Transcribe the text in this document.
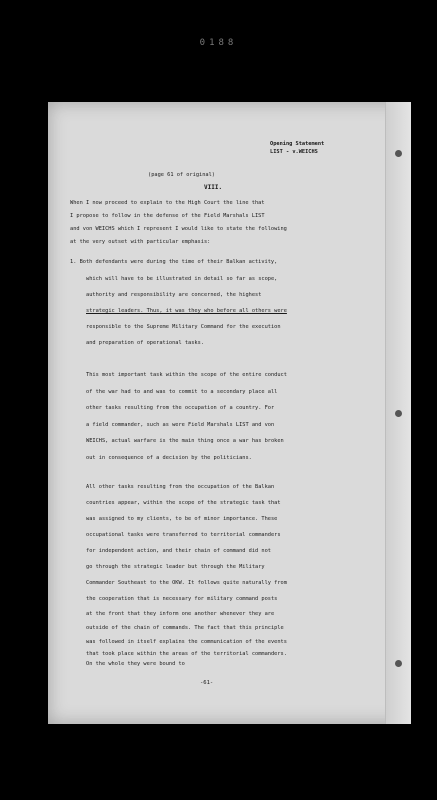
0188
Opening Statement
LIST - v.WEICHS
(page 61 of original)
VIII.
When I now proceed to explain to the High Court the line that
I propose to follow in the defense of the Field Marshals LIST
and von WEICHS which I represent I would like to state the following
at the very outset with particular emphasis:
1. Both defendants were during the time of their Balkan activity,
which will have to be illustrated in detail so far as scope,
authority and responsibility are concerned, the highest
strategic leaders. Thus, it was they who before all others were
responsible to the Supreme Military Command for the execution
and preparation of operational tasks.
This most important task within the scope of the entire conduct
of the war had to and was to commit to a secondary place all
other tasks resulting from the occupation of a country. For
a field commander, such as were Field Marshals LIST and von
WEICHS, actual warfare is the main thing once a war has broken
out in consequence of a decision by the politicians.
All other tasks resulting from the occupation of the Balkan
countries appear, within the scope of the strategic task that
was assigned to my clients, to be of minor importance. These
occupational tasks were transferred to territorial commanders
for independent action, and their chain of command did not
go through the strategic leader but through the Military
Commander Southeast to the OKW. It follows quite naturally from
the cooperation that is necessary for military command posts
at the front that they inform one another whenever they are
outside of the chain of commands. The fact that this principle
was followed in itself explains the communication of the events
that took place within the areas of the territorial commanders.
On the whole they were bound to
-61-
